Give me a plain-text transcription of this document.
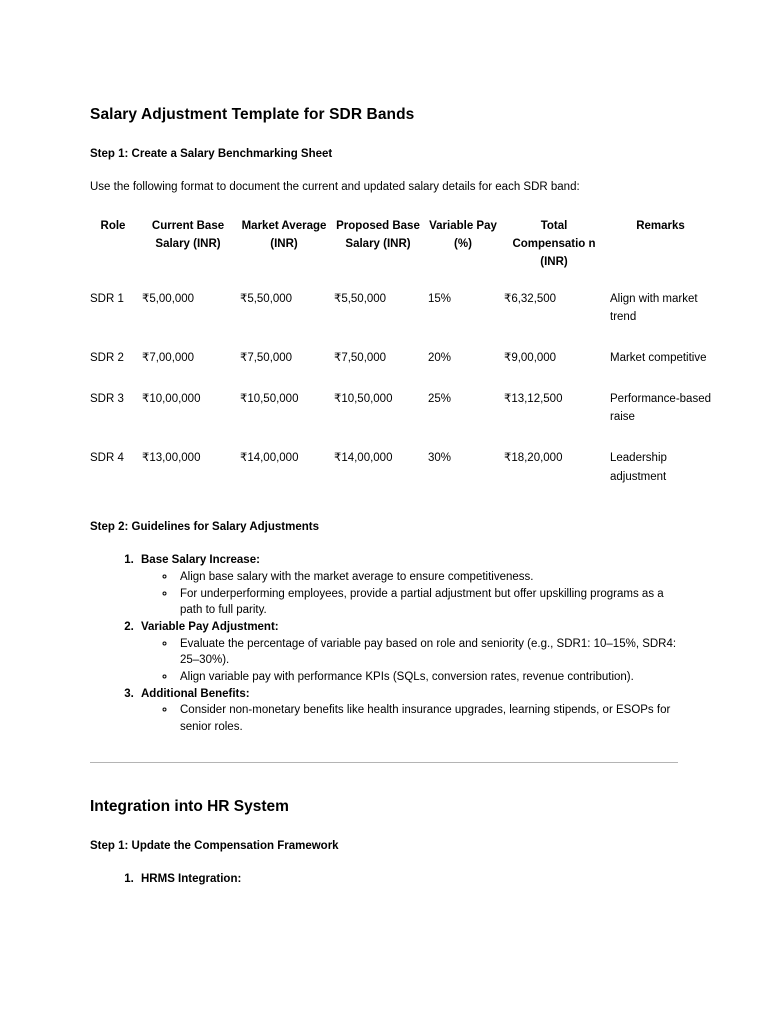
Salary Adjustment Template for SDR Bands
Step 1: Create a Salary Benchmarking Sheet

Use the following format to document the current and updated salary details for each SDR band:

Role	Current Base Salary (INR)	Market Average (INR)	Proposed Base Salary (INR)	Variable Pay (%)	Total Compensatio n (INR)	Remarks
SDR 1	₹5,00,000	₹5,50,000	₹5,50,000	15%	₹6,32,500	Align with market trend
SDR 2	₹7,00,000	₹7,50,000	₹7,50,000	20%	₹9,00,000	Market competitive
SDR 3	₹10,00,000	₹10,50,000	₹10,50,000	25%	₹13,12,500	Performance-based raise
SDR 4	₹13,00,000	₹14,00,000	₹14,00,000	30%	₹18,20,000	Leadership adjustment
Step 2: Guidelines for Salary Adjustments
1. Base Salary Increase:
◦ Align base salary with the market average to ensure competitiveness.
◦ For underperforming employees, provide a partial adjustment but offer upskilling programs as a path to full parity.
2. Variable Pay Adjustment:
◦ Evaluate the percentage of variable pay based on role and seniority (e.g., SDR1: 10–15%, SDR4: 25–30%).
◦ Align variable pay with performance KPIs (SQLs, conversion rates, revenue contribution).
3. Additional Benefits:
◦ Consider non-monetary benefits like health insurance upgrades, learning stipends, or ESOPs for senior roles.
Integration into HR System
Step 1: Update the Compensation Framework
1. HRMS Integration:
